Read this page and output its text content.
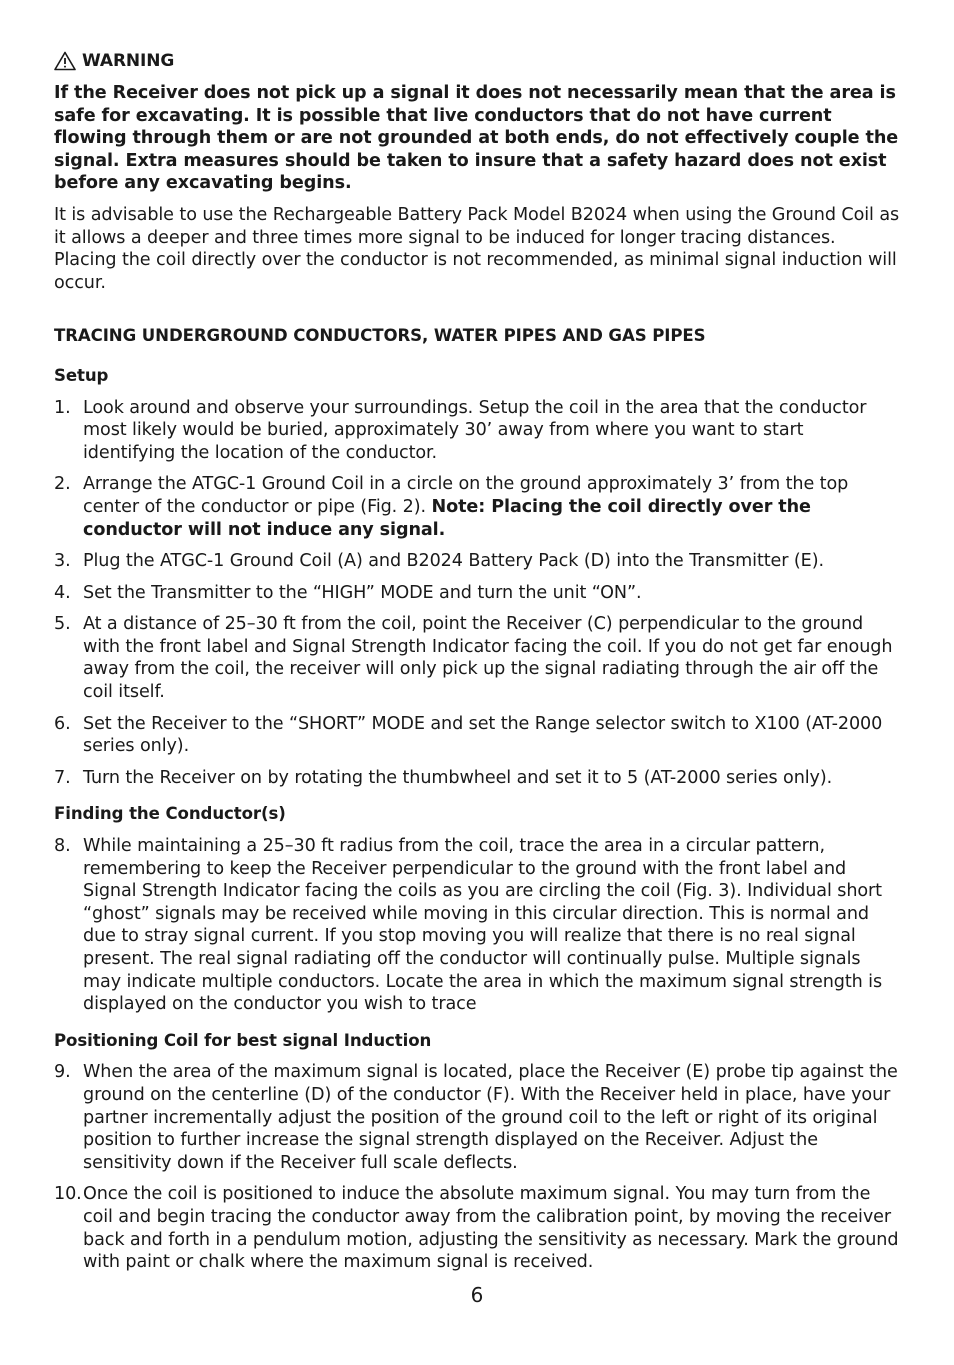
WARNING

If the Receiver does not pick up a signal it does not necessarily mean that the area is safe for excavating. It is possible that live conductors that do not have current flowing through them or are not grounded at both ends, do not effectively couple the signal. Extra measures should be taken to insure that a safety hazard does not exist before any excavating begins.

It is advisable to use the Rechargeable Battery Pack Model B2024 when using the Ground Coil as it allows a deeper and three times more signal to be induced for longer tracing distances. Placing the coil directly over the conductor is not recommended, as minimal signal induction will occur.

TRACING UNDERGROUND CONDUCTORS, WATER PIPES AND GAS PIPES
Setup
1. Look around and observe your surroundings. Setup the coil in the area that the conductor most likely would be buried, approximately 30’ away from where you want to start identifying the location of the conductor.
2. Arrange the ATGC-1 Ground Coil in a circle on the ground approximately 3’ from the top center of the conductor or pipe (Fig. 2). Note: Placing the coil directly over the conductor will not induce any signal.
3. Plug the ATGC-1 Ground Coil (A) and B2024 Battery Pack (D) into the Transmitter (E).
4. Set the Transmitter to the “HIGH” MODE and turn the unit “ON”.
5. At a distance of 25–30 ft from the coil, point the Receiver (C) perpendicular to the ground with the front label and Signal Strength Indicator facing the coil. If you do not get far enough away from the coil, the receiver will only pick up the signal radiating through the air off the coil itself.
6. Set the Receiver to the “SHORT” MODE and set the Range selector switch to X100 (AT-2000 series only).
7. Turn the Receiver on by rotating the thumbwheel and set it to 5 (AT-2000 series only).
Finding the Conductor(s)
8. While maintaining a 25–30 ft radius from the coil, trace the area in a circular pattern, remembering to keep the Receiver perpendicular to the ground with the front label and Signal Strength Indicator facing the coils as you are circling the coil (Fig. 3). Individual short “ghost” signals may be received while moving in this circular direction. This is normal and due to stray signal current. If you stop moving you will realize that there is no real signal present. The real signal radiating off the conductor will continually pulse. Multiple signals may indicate multiple conductors. Locate the area in which the maximum signal strength is displayed on the conductor you wish to trace
Positioning Coil for best signal Induction
9. When the area of the maximum signal is located, place the Receiver (E) probe tip against the ground on the centerline (D) of the conductor (F). With the Receiver held in place, have your partner incrementally adjust the position of the ground coil to the left or right of its original position to further increase the signal strength displayed on the Receiver. Adjust the sensitivity down if the Receiver full scale deflects.
10. Once the coil is positioned to induce the absolute maximum signal. You may turn from the coil and begin tracing the conductor away from the calibration point, by moving the receiver back and forth in a pendulum motion, adjusting the sensitivity as necessary. Mark the ground with paint or chalk where the maximum signal is received.
6
